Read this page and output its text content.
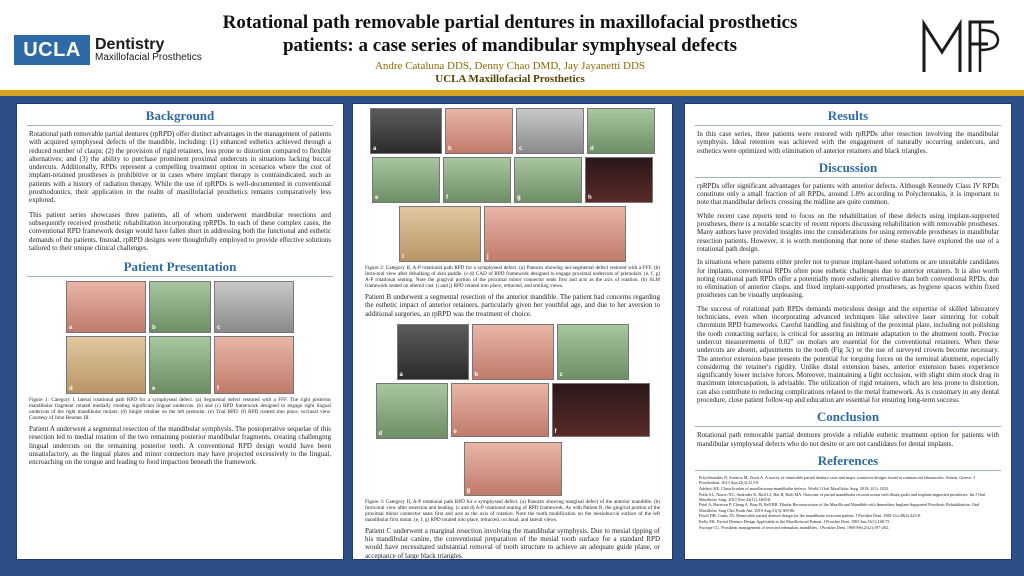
UCLA Dentistry
Maxillofacial Prosthetics
Rotational path removable partial dentures in maxillofacial prosthetics
patients: a case series of mandibular symphyseal defects
Andre Cataluna DDS, Denny Chao DMD, Jay Jayanetti DDS
UCLA Maxillofacial Prosthetics
Background

Rotational path removable partial dentures (rpRPD) offer distinct advantages in the management of patients with acquired symphyseal defects of the mandible, including: (1) enhanced esthetics achieved through a reduced number of clasps; (2) the provision of rigid retainers, less prone to distortion compared to flexible alternatives; and (3) the ability to purchase prominent proximal undercuts in situations lacking buccal undercuts. Additionally, RPDs represent a compelling treatment option in scenarios where the cost of implant-retained prostheses is prohibitive or in cases where implant therapy is contraindicated, such as patients with a history of radiation therapy. While the use of rpRPDs is well-documented in conventional prosthodontics, their application in the realm of maxillofacial prosthetics remains comparatively less explored.

This patient series showcases three patients, all of whom underwent mandibular resections and subsequently received prosthetic rehabilitation incorporating rpRPDs. In each of these complex cases, the conventional RPD framework design would have fallen short in addressing both the functional and esthetic demands of the patients. Instead, rpRPD designs were thoughtfully employed to provide effective solutions tailored to their unique clinical challenges.

Patient Presentation
a	b	c
d	e	f

Figure 1: Category I, lateral rotational path RPD for a symphyseal defect. (a) Segmental defect restored with a FFF. The right posterior mandibular fragment rotated medially creating significant lingual undercuts. (b) and (c) RPD framework designed to engage right lingual undercuts of the right mandibular molars. (d) Single retainer on the left premolar. (e) Trial RPD. (f) RPD rotated into place, occlusal view. Courtesy of John Beumer III.

Patient A underwent a segmental resection of the mandibular symphysis. The postoperative sequelae of this resection led to medial rotation of the two remaining posterior mandibular fragments, creating challenging lingual undercuts on the remaining posterior teeth. A conventional RPD design would have been unsatisfactory, as the lingual plates and minor connectors may have projected excessively to the lingual, encroaching on the tongue and leading to food impaction beneath the framework.

a	b	c	d
e	f	g	h
i	j

Figure 2: Category II, A-P rotational path RPD for a symphyseal defect. (a) Panorex showing uni-segmental defect restored with a FFF. (b) Intra-oral view after debulking of skin paddle. (c-d) CAD of RPD framework designed to engage proximal undercuts of premolars. (e, f, g) A-P rotational seating. Note the gingival portion of the proximal minor connector seats first and acts as the axis of rotation. (h) SLM framework seated on altered cast. (i and j) RPD rotated into place, retracted, and smiling views.

Patient B underwent a segmental resection of the anterior mandible. The patient had concerns regarding the esthetic impact of anterior retainers, particularly given her youthful age, and due to her aversion to additional surgeries, an rpRPD was the treatment of choice.

a	b	c
d	e	f
g

Figure 3: Category II, A-P rotational path RPD for a symphyseal defect. (a) Panorex showing marginal defect of the anterior mandible. (b) Intra-oral view after resection and healing. (c and d) A-P rotational seating of RPD framework. As with Patient B, the gingival portion of the proximal minor connector seats first and acts as the axis of rotation. Note the tooth modification on the mesiobuccal surface of the left mandibular first molar. (e, f, g) RPD rotated into place, retracted, occlusal, and lateral views.

Patient C underwent a marginal resection involving the mandibular symphysis. Due to mesial tipping of his mandibular canine, the conventional preparation of the mesial tooth surface for a standard RPD would have necessitated substantial removal of tooth structure to achieve an adequate guide plane, or acceptance of large black triangles.

Results

In this case series, three patients were restored with rpRPDs after resection involving the mandibular symphysis. Ideal retention was achieved with the engagement of naturally occurring undercuts, and esthetics were optimized with elimination of anterior retainers and black triangles.

Discussion

rpRPDs offer significant advantages for patients with anterior defects. Although Kennedy Class IV RPDs constitute only a small fraction of all RPDs, around 1.8% according to Polychronakis, it is important to note that mandibular defects crossing the midline are quite common.

While recent case reports tend to focus on the rehabilitation of these defects using implant-supported prostheses, there is a notable scarcity of recent reports discussing rehabilitation with removable prostheses. Many authors have provided insights into the considerations for using removable prostheses in mandibular resection patients. However, it is worth mentioning that none of these studies have explored the use of a rotational path design.

In situations where patients either prefer not to pursue implant-based solutions or are unsuitable candidates for implants, conventional RPDs often pose esthetic challenges due to anterior retainers. It is also worth noting rotational path RPDs offer a potentially more esthetic alternative than both conventional RPDs, due to elimination of anterior clasps, and fixed implant-supported prostheses, as hygiene spaces within fixed prostheses can be visually unpleasing.

The success of rotational path RPDs demands meticulous design and the expertise of skilled laboratory technicians, even when incorporating advanced techniques like selective laser sintering for cobalt chromium RPD frameworks. Careful handling and finishing of the proximal plate, including not polishing the tooth contacting surface, is critical for assuring an intimate adaptation to the abutment tooth. Precise undercut measurements of 0.02" on molars are essential for the conventional retainers. When these undercuts are absent, adjustments to the tooth (Fig 3c) or the use of surveyed crowns become necessary. The anterior extension base presents the potential for torquing forces on the terminal abutment, especially considering the retainer's rigidity. Unlike distal extension bases, anterior extension bases experience significantly lower incisive forces. Moreover, maintaining a light occlusion, with slight shim stock drag in maximum intercuspation, is advisable. The utilization of rigid retainers, which are less prone to distortion, can also contribute to reducing complications related to the metal framework. As is customary in any dental procedure, close patient follow-up and education are essential for ensuring long-term success.

Conclusion

Rotational path removable partial dentures provide a reliable esthetic treatment option for patients with mandibular symphyseal defects who do not desire or are not candidates for dental implants.

References
Polychronakis N, Sotiriou M, Zissis A. A survey of removable partial denture casts and major connector designs found in commercial laboratories. Athens, Greece. J Prosthodont. 2013 Apr;22(3):213-9.
Adebiyi KE. Classification of maxillectomy/mandibular defects. World J Oral Maxillofac Surg. 2019; 2(1): 1032.
Pulla AL, Nouvo NC, Andrades K, Buff LJ, Boi B, Roth MA. Outcome of partial mandibular reconstruction with fibula grafts and implant-supported prostheses. Int J Oral Maxillofac Surg. 2013 Nov;42(11):1465-8.
Patel A, Harrison P, Cheng A, Bray B, Bell RB. Fibular Reconstruction of the Maxilla and Mandible with Immediate Implant-Supported Prosthetic Rehabilitation. Oral Maxillofac Surg Clin North Am. 2019 Aug;31(3):369-86.
Finch DH, Curtis TA. Removable partial denture design for the mandibular resection patient. J Prosthet Dent. 1982 Oct;48(4):443-8.
Kelly EK. Partial Denture Design Applicable to the Maxillofacial Patient. J Prosthet Dent. 1965 Jan;15(1):168-73.
Swoope CC. Prosthetic management of resected edentulous mandibles. J Prosthet Dent. 1969 Feb;21(2):197-202.
